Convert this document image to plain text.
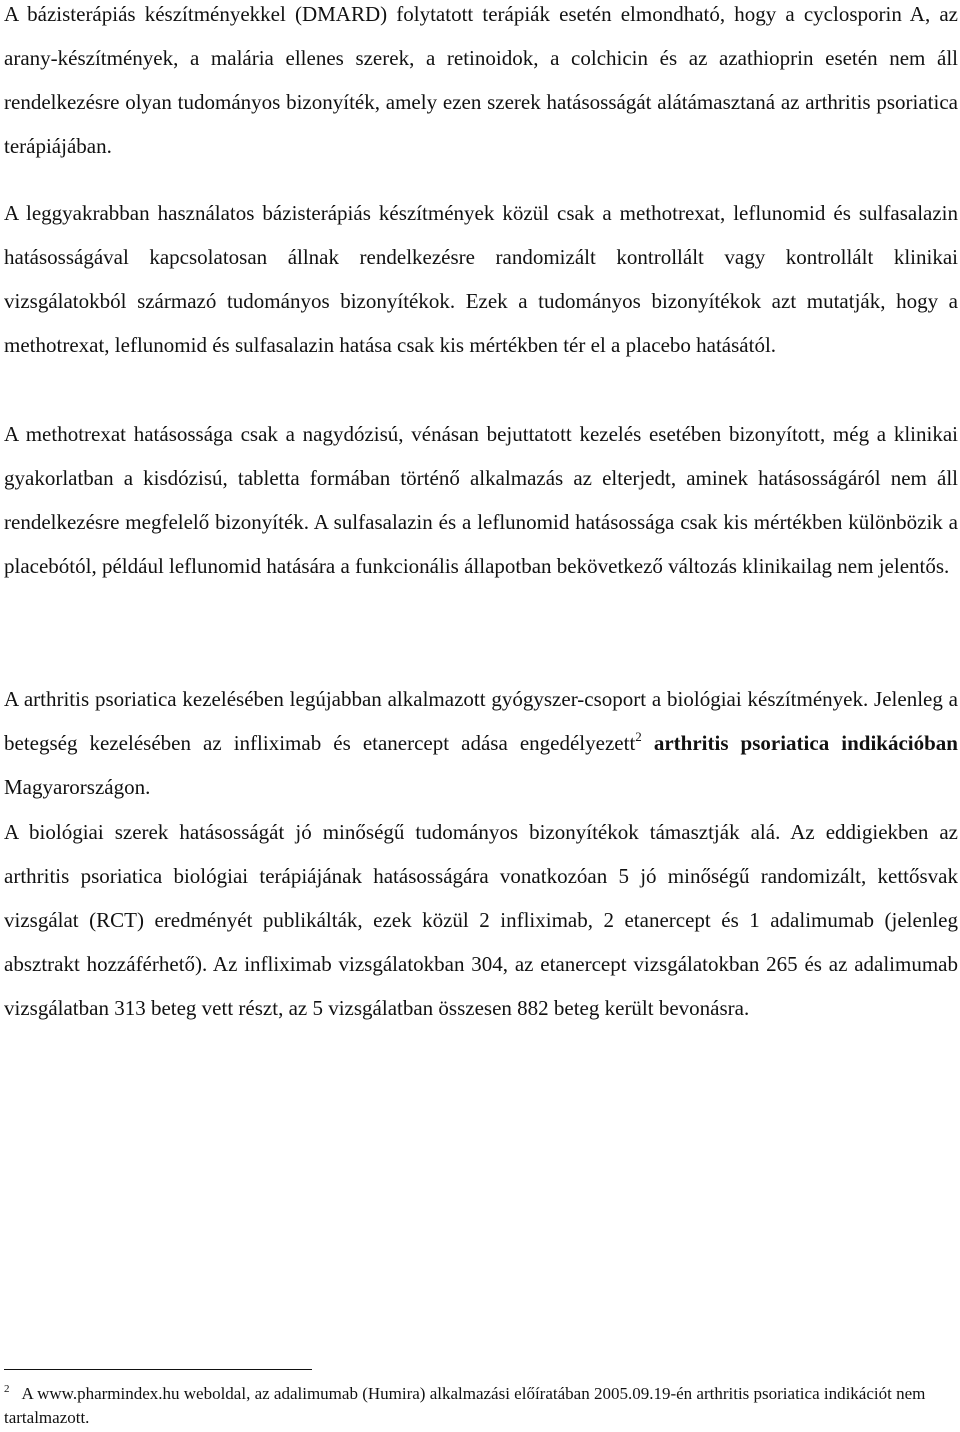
A bázisterápiás készítményekkel (DMARD) folytatott terápiák esetén elmondható, hogy a cyclosporin A, az arany-készítmények, a malária ellenes szerek, a retinoidok, a colchicin és az azathioprin esetén nem áll rendelkezésre olyan tudományos bizonyíték, amely ezen szerek hatásosságát alátámasztaná az arthritis psoriatica terápiájában.

A leggyakrabban használatos bázisterápiás készítmények közül csak a methotrexat, leflunomid és sulfasalazin hatásosságával kapcsolatosan állnak rendelkezésre randomizált kontrollált vagy kontrollált klinikai vizsgálatokból származó tudományos bizonyítékok. Ezek a tudományos bizonyítékok azt mutatják, hogy a methotrexat, leflunomid és sulfasalazin hatása csak kis mértékben tér el a placebo hatásától.

A methotrexat hatásossága csak a nagydózisú, vénásan bejuttatott kezelés esetében bizonyított, még a klinikai gyakorlatban a kisdózisú, tabletta formában történő alkalmazás az elterjedt, aminek hatásosságáról nem áll rendelkezésre megfelelő bizonyíték. A sulfasalazin és a leflunomid hatásossága csak kis mértékben különbözik a placebótól, például leflunomid hatására a funkcionális állapotban bekövetkező változás klinikailag nem jelentős.

A arthritis psoriatica kezelésében legújabban alkalmazott gyógyszer-csoport a biológiai készítmények. Jelenleg a betegség kezelésében az infliximab és etanercept adása engedélyezett$^2$ arthritis psoriatica indikációban Magyarországon.

A biológiai szerek hatásosságát jó minőségű tudományos bizonyítékok támasztják alá. Az eddigiekben az arthritis psoriatica biológiai terápiájának hatásosságára vonatkozóan 5 jó minőségű randomizált, kettősvak vizsgálat (RCT) eredményét publikálták, ezek közül 2 infliximab, 2 etanercept és 1 adalimumab (jelenleg absztrakt hozzáférhető). Az infliximab vizsgálatokban 304, az etanercept vizsgálatokban 265 és az adalimumab vizsgálatban 313 beteg vett részt, az 5 vizsgálatban összesen 882 beteg került bevonásra.

$^2$ A www.pharmindex.hu weboldal, az adalimumab (Humira) alkalmazási előíratában 2005.09.19-én arthritis psoriatica indikációt nem tartalmazott.
